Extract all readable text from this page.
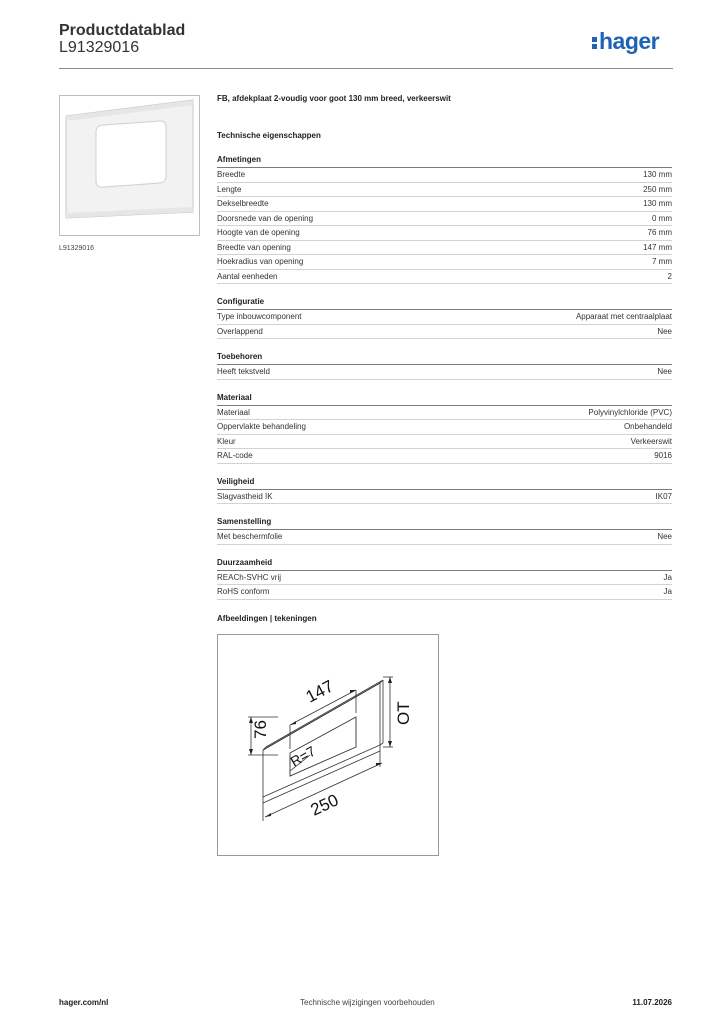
Productdatablad
L91329016	hager
L91329016
FB, afdekplaat 2-voudig voor goot 130 mm breed, verkeerswit
Technische eigenschappen
Afmetingen
Breedte	130 mm
Lengte	250 mm
Dekselbreedte	130 mm
Doorsnede van de opening	0 mm
Hoogte van de opening	76 mm
Breedte van opening	147 mm
Hoekradius van opening	7 mm
Aantal eenheden	2
Configuratie
Type inbouwcomponent	Apparaat met centraalplaat
Overlappend	Nee
Toebehoren
Heeft tekstveld	Nee
Materiaal
Materiaal	Polyvinylchloride (PVC)
Oppervlakte behandeling	Onbehandeld
Kleur	Verkeerswit
RAL-code	9016
Veiligheid
Slagvastheid IK	IK07
Samenstelling
Met beschermfolie	Nee
Duurzaamheid
REACh-SVHC vrij	Ja
RoHS conform	Ja
Afbeeldingen | tekeningen
147
76
R=7
250
OT
hager.com/nl	Technische wijzigingen voorbehouden	11.07.2026
